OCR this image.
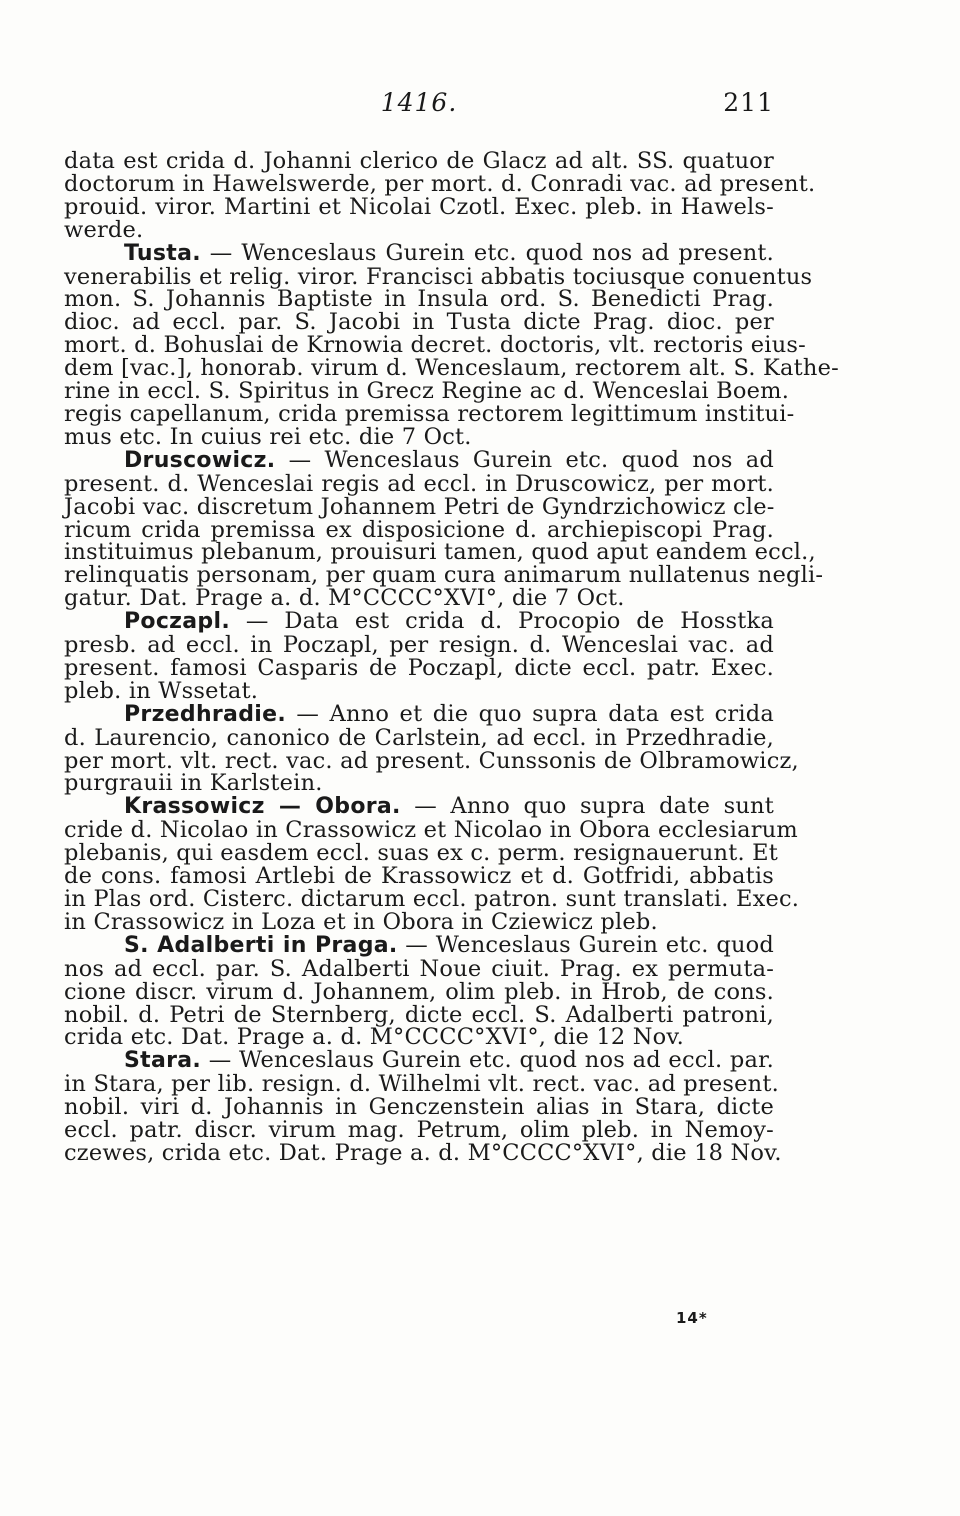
1416.	211
data est crida d. Johanni clerico de Glacz ad alt. SS. quatuor
doctorum in Hawelswerde, per mort. d. Conradi vac. ad present.
prouid. viror. Martini et Nicolai Czotl. Exec. pleb. in Hawels-
werde.
Tusta. — Wenceslaus Gurein etc. quod nos ad present.
venerabilis et relig. viror. Francisci abbatis tociusque conuentus
mon. S. Johannis Baptiste in Insula ord. S. Benedicti Prag.
dioc. ad eccl. par. S. Jacobi in Tusta dicte Prag. dioc. per
mort. d. Bohuslai de Krnowia decret. doctoris, vlt. rectoris eius-
dem [vac.], honorab. virum d. Wenceslaum, rectorem alt. S. Kathe-
rine in eccl. S. Spiritus in Grecz Regine ac d. Wenceslai Boem.
regis capellanum, crida premissa rectorem legittimum institui-
mus etc. In cuius rei etc. die 7 Oct.
Druscowicz. — Wenceslaus Gurein etc. quod nos ad
present. d. Wenceslai regis ad eccl. in Druscowicz, per mort.
Jacobi vac. discretum Johannem Petri de Gyndrzichowicz cle-
ricum crida premissa ex disposicione d. archiepiscopi Prag.
instituimus plebanum, prouisuri tamen, quod aput eandem eccl.,
relinquatis personam, per quam cura animarum nullatenus negli-
gatur. Dat. Prage a. d. M°CCCC°XVI°, die 7 Oct.
Poczapl. — Data est crida d. Procopio de Hosstka
presb. ad eccl. in Poczapl, per resign. d. Wenceslai vac. ad
present. famosi Casparis de Poczapl, dicte eccl. patr. Exec.
pleb. in Wssetat.
Przedhradie. — Anno et die quo supra data est crida
d. Laurencio, canonico de Carlstein, ad eccl. in Przedhradie,
per mort. vlt. rect. vac. ad present. Cunssonis de Olbramowicz,
purgrauii in Karlstein.
Krassowicz — Obora. — Anno quo supra date sunt
cride d. Nicolao in Crassowicz et Nicolao in Obora ecclesiarum
plebanis, qui easdem eccl. suas ex c. perm. resignauerunt. Et
de cons. famosi Artlebi de Krassowicz et d. Gotfridi, abbatis
in Plas ord. Cisterc. dictarum eccl. patron. sunt translati. Exec.
in Crassowicz in Loza et in Obora in Cziewicz pleb.
S. Adalberti in Praga. — Wenceslaus Gurein etc. quod
nos ad eccl. par. S. Adalberti Noue ciuit. Prag. ex permuta-
cione discr. virum d. Johannem, olim pleb. in Hrob, de cons.
nobil. d. Petri de Sternberg, dicte eccl. S. Adalberti patroni,
crida etc. Dat. Prage a. d. M°CCCC°XVI°, die 12 Nov.
Stara. — Wenceslaus Gurein etc. quod nos ad eccl. par.
in Stara, per lib. resign. d. Wilhelmi vlt. rect. vac. ad present.
nobil. viri d. Johannis in Genczenstein alias in Stara, dicte
eccl. patr. discr. virum mag. Petrum, olim pleb. in Nemoy-
czewes, crida etc. Dat. Prage a. d. M°CCCC°XVI°, die 18 Nov.
14*
